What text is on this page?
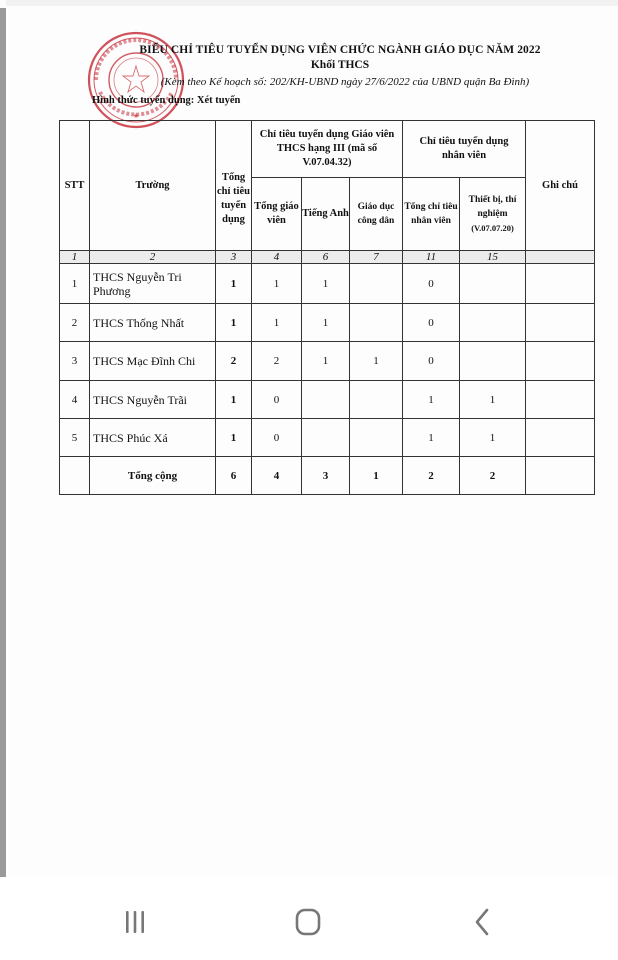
★
BIỂU CHỈ TIÊU TUYỂN DỤNG VIÊN CHỨC NGÀNH GIÁO DỤC NĂM 2022
Khối THCS
(Kèm theo Kế hoạch số: 202/KH-UBND ngày 27/6/2022 của UBND quận Ba Đình)
Hình thức tuyển dụng: Xét tuyển
STT	Trường	Tổng chỉ tiêu tuyển dụng	Chỉ tiêu tuyển dụng Giáo viên THCS hạng III (mã số V.07.04.32)			Chỉ tiêu tuyển dụng nhân viên		Ghi chú
			Tổng giáo viên	Tiếng Anh	Giáo dục công dân	Tổng chỉ tiêu nhân viên	Thiết bị, thí nghiệm
(V.07.07.20)	

1	2	3	4	6	7	11	15	
1	THCS Nguyễn Tri Phương	1	1	1		0		
2	THCS Thống Nhất	1	1	1		0		
3	THCS Mạc Đĩnh Chi	2	2	1	1	0		
4	THCS Nguyễn Trãi	1	0			1	1	
5	THCS Phúc Xá	1	0			1	1	
	Tổng cộng	6	4	3	1	2	2	
